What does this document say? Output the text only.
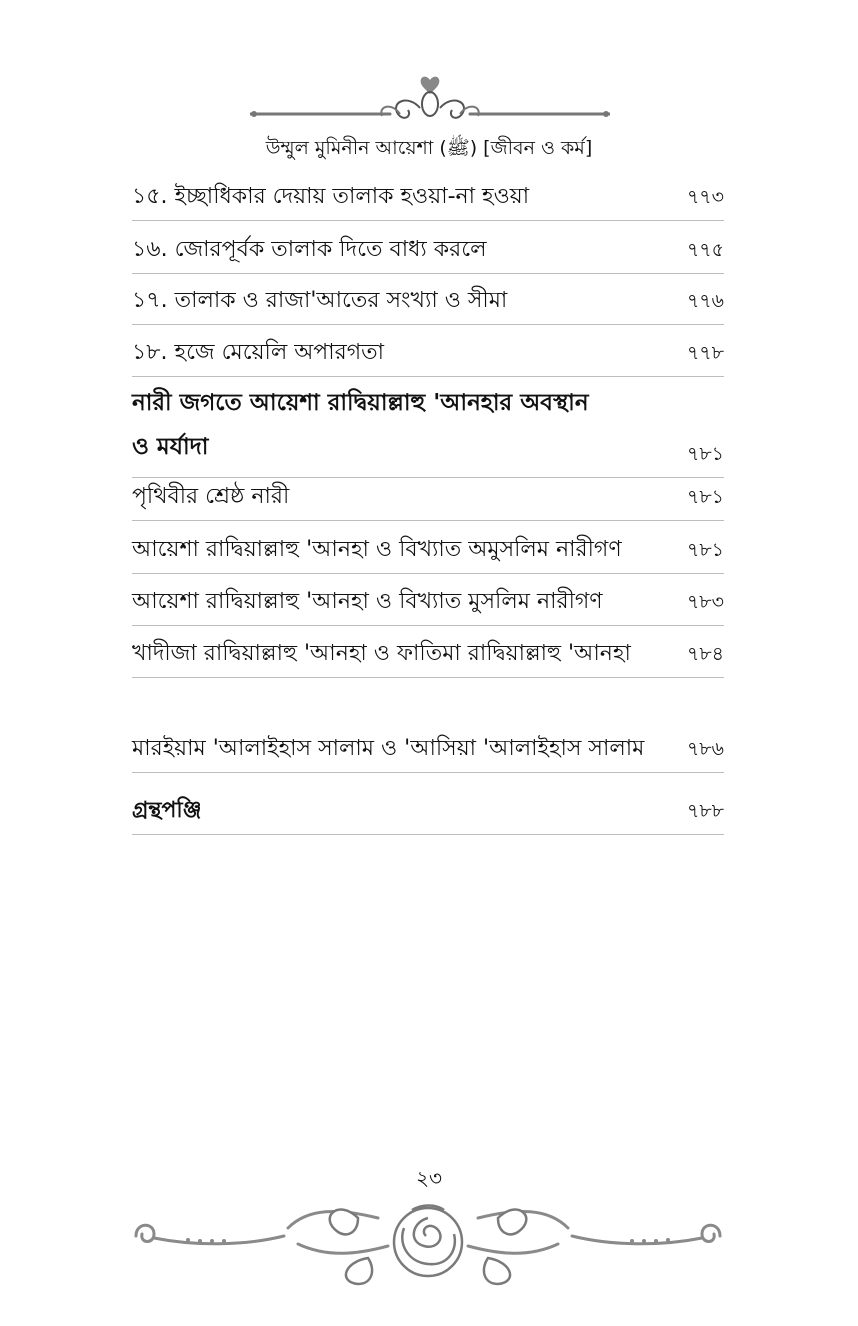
উম্মুল মুমিনীন আয়েশা (ﷺ) [জীবন ও কর্ম]
১৫. ইচ্ছাধিকার দেয়ায় তালাক হওয়া-না হওয়া	৭৭৩
১৬. জোরপূর্বক তালাক দিতে বাধ্য করলে	৭৭৫
১৭. তালাক ও রাজা'আতের সংখ্যা ও সীমা	৭৭৬
১৮. হজে মেয়েলি অপারগতা	৭৭৮
নারী জগতে আয়েশা রাদ্বিয়াল্লাহু 'আনহার অবস্থান
ও মর্যাদা	৭৮১
পৃথিবীর শ্রেষ্ঠ নারী	৭৮১
আয়েশা রাদ্বিয়াল্লাহু 'আনহা ও বিখ্যাত অমুসলিম নারীগণ	৭৮১
আয়েশা রাদ্বিয়াল্লাহু 'আনহা ও বিখ্যাত মুসলিম নারীগণ	৭৮৩
খাদীজা রাদ্বিয়াল্লাহু 'আনহা ও ফাতিমা রাদ্বিয়াল্লাহু 'আনহা	৭৮৪
মারইয়াম 'আলাইহাস সালাম ও 'আসিয়া 'আলাইহাস সালাম	৭৮৬
গ্রন্থপঞ্জি	৭৮৮
২৩
